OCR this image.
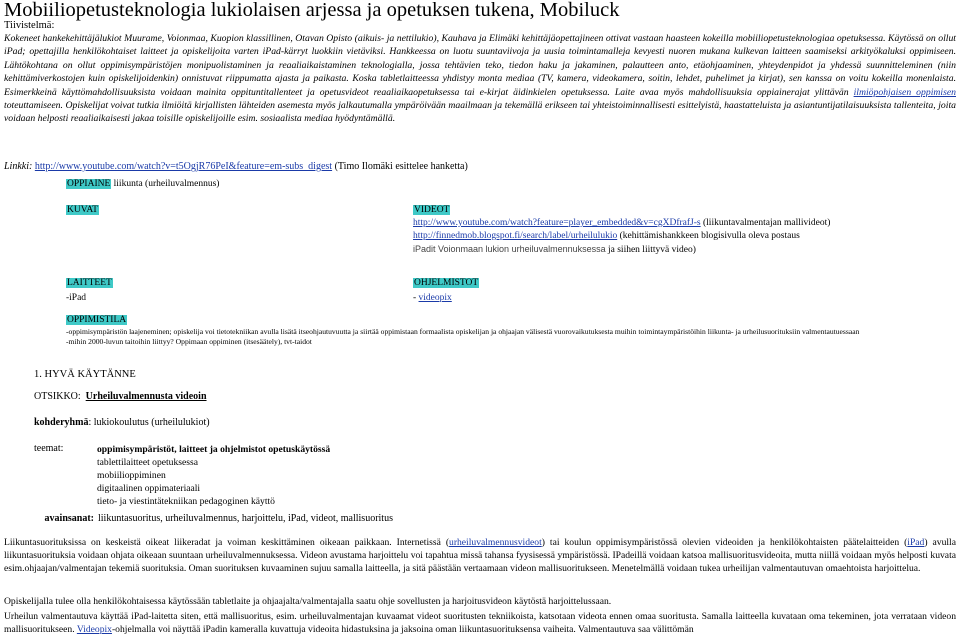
Mobiiliopetusteknologia lukiolaisen arjessa ja opetuksen tukena, Mobiluck
Tiivistelmä:
Kokeneet hankekehittäjälukiot Muurame, Voionmaa, Kuopion klassillinen, Otavan Opisto (aikuis- ja nettilukio), Kauhava ja Elimäki kehittäjäopettajineen ottivat vastaan haasteen kokeilla mobiiliopetusteknologiaa opetuksessa. Käytössä on ollut iPad; opettajilla henkilökohtaiset laitteet ja opiskelijoita varten iPad-kärryt luokkiin vietäviksi. Hankkeessa on luotu suuntaviivoja ja uusia toimintamalleja kevyesti nuoren mukana kulkevan laitteen saamiseksi arkityökaluksi oppimiseen. Lähtökohtana on ollut oppimisympäristöjen monipuolistaminen ja reaaliaikaistaminen teknologialla, jossa tehtävien teko, tiedon haku ja jakaminen, palautteen anto, etäohjaaminen, yhteydenpidot ja yhdessä suunnitteleminen (niin kehittämiverkostojen kuin opiskelijoidenkin) onnistuvat riippumatta ajasta ja paikasta. Koska tablet​laitteessa yhdistyy monta mediaa (TV, kamera, videokamera, soitin, lehdet, puhelimet ja kirjat), sen kanssa on voitu kokeilla monenlaista. Esimerkkeinä käyttömahdollisuuksista voidaan mainita oppituntitallenteet ja opetusvideot reaaliaikaopetuksessa tai e-kirjat äidinkielen opetuksessa. Laite avaa myös mahdollisuuksia oppiainerajat ylittävän ilmiöpohjaisen oppimisen toteuttamiseen. Opiskelijat voivat tutkia ilmiöitä kirjallisten lähteiden asemesta myös jalkautumalla ympäröivään maailmaan ja tekemällä erikseen tai yhteistoiminnallisesti esittelyistä, haastatteluista ja asiantuntijatilaisuuksista tallenteita, joita voidaan helposti reaaliaikaisesti jakaa toisille opiskelijoille esim. sosiaalista mediaa hyödyntämällä.
Linkki: http://www.youtube.com/watch?v=t5OgjR76PeI&feature=em-subs_digest (Timo Ilomäki esittelee hanketta)
OPPIAINE liikunta (urheiluvalmennus)
KUVAT	VIDEOT
http://www.youtube.com/watch?feature=player_embedded&v=cgXDfrafJ-s (liikuntavalmentajan mallivideot)
http://finnedmob.blogspot.fi/search/label/urheilulukio (kehittämishankkeen blogisivulla oleva postaus
iPadit Voionmaan lukion urheiluvalmennuksessa ja siihen liittyvä video)
LAITTEET
-iPad
OHJELMISTOT
- videopix
OPPIMISTILA
-oppimisympäristön laajeneminen; opiskelija voi tietotekniikan avulla lisätä itseohjautuvuutta ja siirtää oppimistaan formaalista opiskelijan ja ohjaajan välisestä vuorovaikutuksesta muihin toimintaympäristöihin liikunta- ja urheilusuorituksiin valmentautuessaan
-mihin 2000-luvun taitoihin liittyy? Oppimaan oppiminen (itsesäätely), tvt-taidot
1. HYVÄ KÄYTÄNNE
OTSIKKO: Urheiluvalmennusta videoin
kohderyhmä: lukiokoulutus (urheilulukiot)
teemat:	oppimisympäristöt, laitteet ja ohjelmistot opetuskäytössä
tablettilaitteet opetuksessa
mobiilioppiminen
digitaalinen oppimateriaali
tieto- ja viestintätekniikan pedagoginen käyttö
avainsanat: liikuntasuoritus, urheiluvalmennus, harjoittelu, iPad, videot, mallisuoritus
Liikuntasuorituksissa on keskeistä oikeat liikeradat ja voiman keskittäminen oikeaan paikkaan. Internetissä (urheiluvalmennusvideot) tai koulun oppimisympäristössä olevien videoiden ja henkilökohtaisten päätelaitteiden (iPad) avulla liikuntasuorituksia voidaan ohjata oikeaan suuntaan urheiluvalmennuksessa. Videon avustama harjoittelu voi tapahtua missä tahansa fyysisessä ympäristössä. IPadeillä voidaan katsoa mallisuoritusvideoita, mutta niillä voidaan myös helposti kuvata esim.ohjaajan/valmentajan tekemiä suorituksia. Oman suorituksen kuvaaminen sujuu samalla laitteella, ja sitä päästään vertaamaan videon mallisuoritukseen. Menetelmällä voidaan tukea urheilijan valmentautuvan omaehtoista harjoittelua.
Opiskelijalla tulee olla henkilökohtaisessa käytössään tabletlaite ja ohjaajalta/valmentajalla saatu ohje sovellusten ja harjoitusvideon käytöstä harjoittelussaan.
Urheilun valmentautuva käyttää iPad-laitetta siten, että mallisuoritus, esim. urheiluvalmentajan kuvaamat videot suoritusten tekniikoista, katsotaan videota ennen omaa suoritusta. Samalla laitteella kuvataan oma tekeminen, jota verrataan videon mallisuoritukseen. Videopix-ohjelmalla voi näyttää iPadin kameralla kuvattuja videoita hidastuksina ja jaksoina oman liikuntasuorituksensa vaiheita. Valmentautuva saa välittömän
